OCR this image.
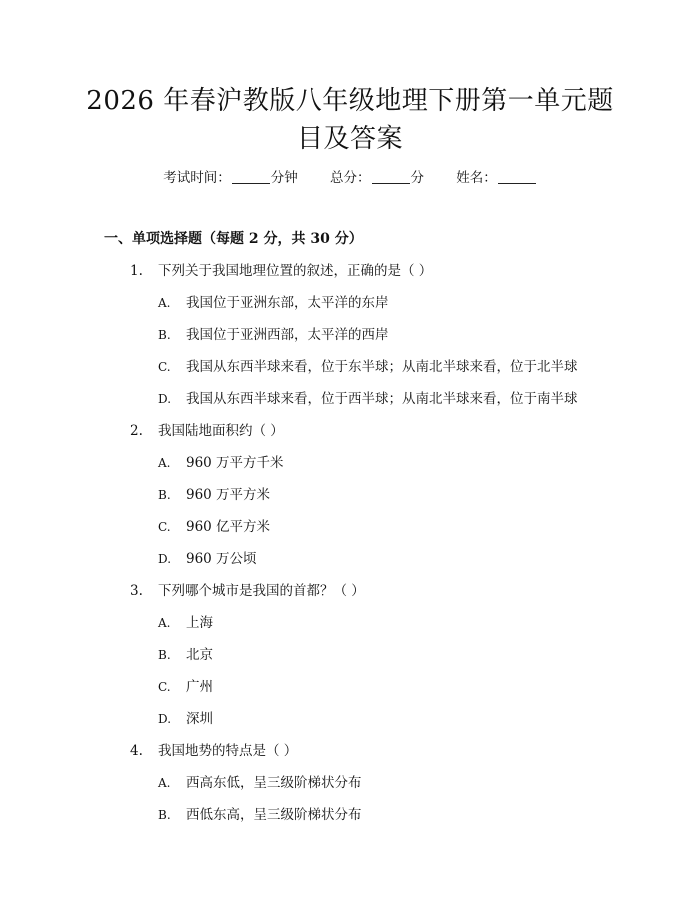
2026 年春沪教版八年级地理下册第一单元题
目及答案
考试时间：	分钟 总分：	分 姓名：
一、单项选择题（每题 2 分，共 30 分）
1. 下列关于我国地理位置的叙述，正确的是（ ）
A. 我国位于亚洲东部，太平洋的东岸
B. 我国位于亚洲西部，太平洋的西岸
C. 我国从东西半球来看，位于东半球；从南北半球来看，位于北半球
D. 我国从东西半球来看，位于西半球；从南北半球来看，位于南半球
2. 我国陆地面积约（ ）
A. 960 万平方千米
B. 960 万平方米
C. 960 亿平方米
D. 960 万公顷
3. 下列哪个城市是我国的首都？（ ）
A. 上海
B. 北京
C. 广州
D. 深圳
4. 我国地势的特点是（ ）
A. 西高东低，呈三级阶梯状分布
B. 西低东高，呈三级阶梯状分布
